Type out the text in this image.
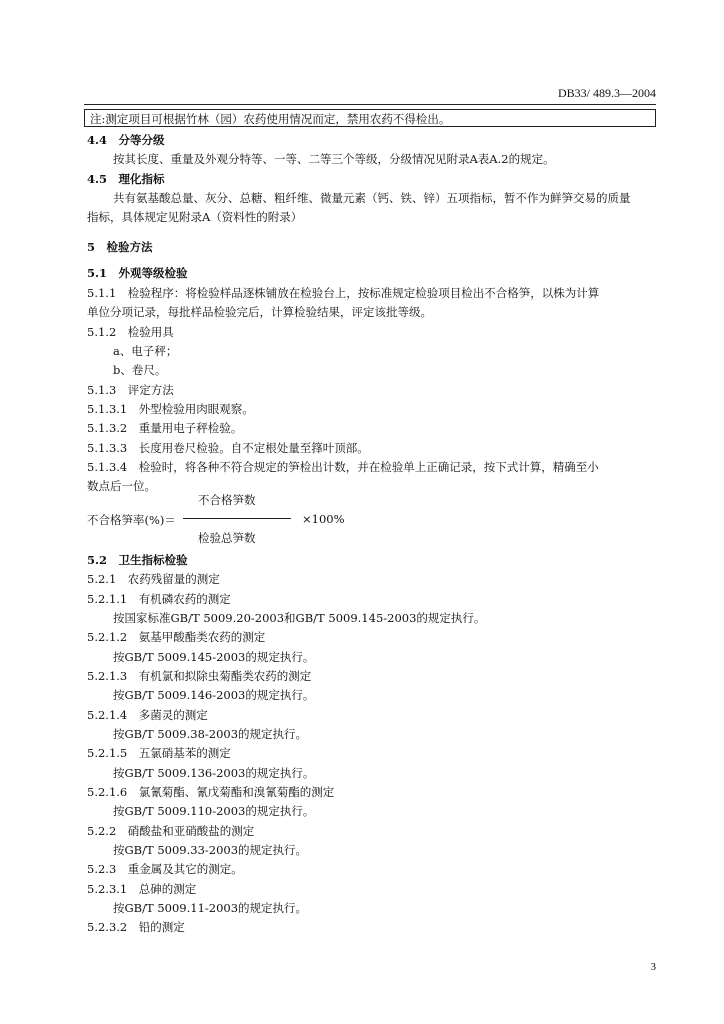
DB33/ 489.3—2004
注:测定项目可根据竹林（园）农药使用情况而定，禁用农药不得检出。
4.4　分等分级
按其长度、重量及外观分特等、一等、二等三个等级，分级情况见附录A表A.2的规定。
4.5　理化指标
共有氨基酸总量、灰分、总糖、粗纤维、微量元素（钙、铁、锌）五项指标，暂不作为鲜笋交易的质量
指标，具体规定见附录A（资料性的附录）
5　检验方法
5.1　外观等级检验
5.1.1　检验程序：将检验样品逐株铺放在检验台上，按标准规定检验项目检出不合格笋，以株为计算
单位分项记录，每批样品检验完后，计算检验结果，评定该批等级。
5.1.2　检验用具
a、电子秤；
b、卷尺。
5.1.3　评定方法
5.1.3.1　外型检验用肉眼观察。
5.1.3.2　重量用电子秤检验。
5.1.3.3　长度用卷尺检验。自不定根处量至箨叶顶部。
5.1.3.4　检验时，将各种不符合规定的笋检出计数，并在检验单上正确记录，按下式计算，精确至小
数点后一位。
不合格笋数
不合格笋率(%)＝	×100%
检验总笋数
5.2　卫生指标检验
5.2.1　农药残留量的测定
5.2.1.1　有机磷农药的测定
按国家标准GB/T 5009.20-2003和GB/T 5009.145-2003的规定执行。
5.2.1.2　氨基甲酸酯类农药的测定
按GB/T 5009.145-2003的规定执行。
5.2.1.3　有机氯和拟除虫菊酯类农药的测定
按GB/T 5009.146-2003的规定执行。
5.2.1.4　多菌灵的测定
按GB/T 5009.38-2003的规定执行。
5.2.1.5　五氯硝基苯的测定
按GB/T 5009.136-2003的规定执行。
5.2.1.6　氯氰菊酯、氰戊菊酯和溴氰菊酯的测定
按GB/T 5009.110-2003的规定执行。
5.2.2　硝酸盐和亚硝酸盐的测定
按GB/T 5009.33-2003的规定执行。
5.2.3　重金属及其它的测定。
5.2.3.1　总砷的测定
按GB/T 5009.11-2003的规定执行。
5.2.3.2　铅的测定
3
